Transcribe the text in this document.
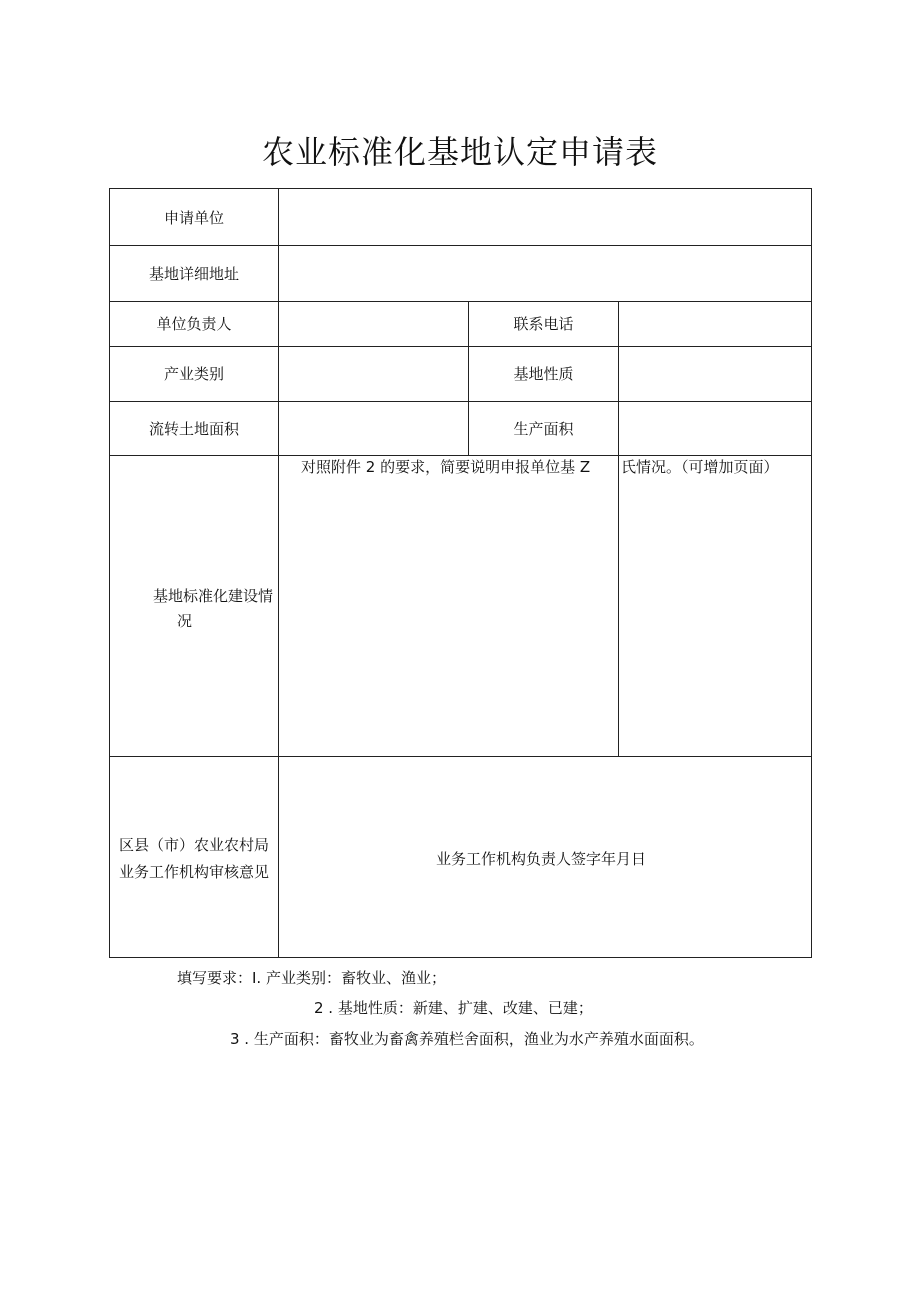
农业标准化基地认定申请表
申请单位
基地详细地址
单位负责人	联系电话
产业类别	基地性质
流转土地面积	生产面积
基地标准化建设情
况
对照附件 2 的要求，简要说明申报单位基 Z 氏情况。（可增加页面）
区县（市）农业农村局
业务工作机构审核意见
业务工作机构负责人签字年月日
填写要求：I. 产业类别：畜牧业、渔业；
2 . 基地性质：新建、扩建、改建、已建；
3 . 生产面积：畜牧业为畜禽养殖栏舍面积，渔业为水产养殖水面面积。
